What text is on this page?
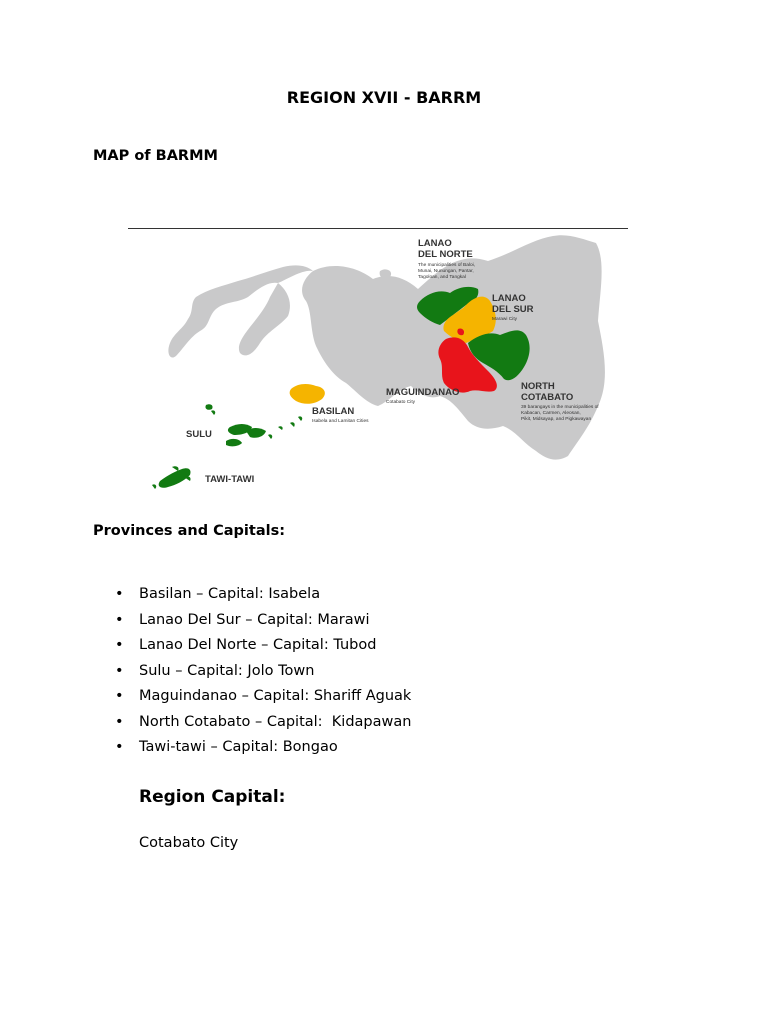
REGION XVII - BARRM
MAP of BARMM
LANAO DEL NORTE
The municipalities of Baloi, Munai, Nunungan, Pantar, Tagoloan, and Tangkal
LANAO DEL SUR
Marawi City
MAGUINDANAO
Cotabato City
NORTH COTABATO
39 barangays in the municipalities of Kabacan, Carmen, Aleosan, Pikit, Midsayap, and Pigkawayan
BASILAN
Isabela and Lamitan Cities
SULU
TAWI-TAWI
Provinces and Capitals:
• Basilan – Capital: Isabela
• Lanao Del Sur – Capital: Marawi
• Lanao Del Norte – Capital: Tubod
• Sulu – Capital: Jolo Town
• Maguindanao – Capital: Shariff Aguak
• North Cotabato – Capital:  Kidapawan
• Tawi-tawi – Capital: Bongao
Region Capital:
Cotabato City
